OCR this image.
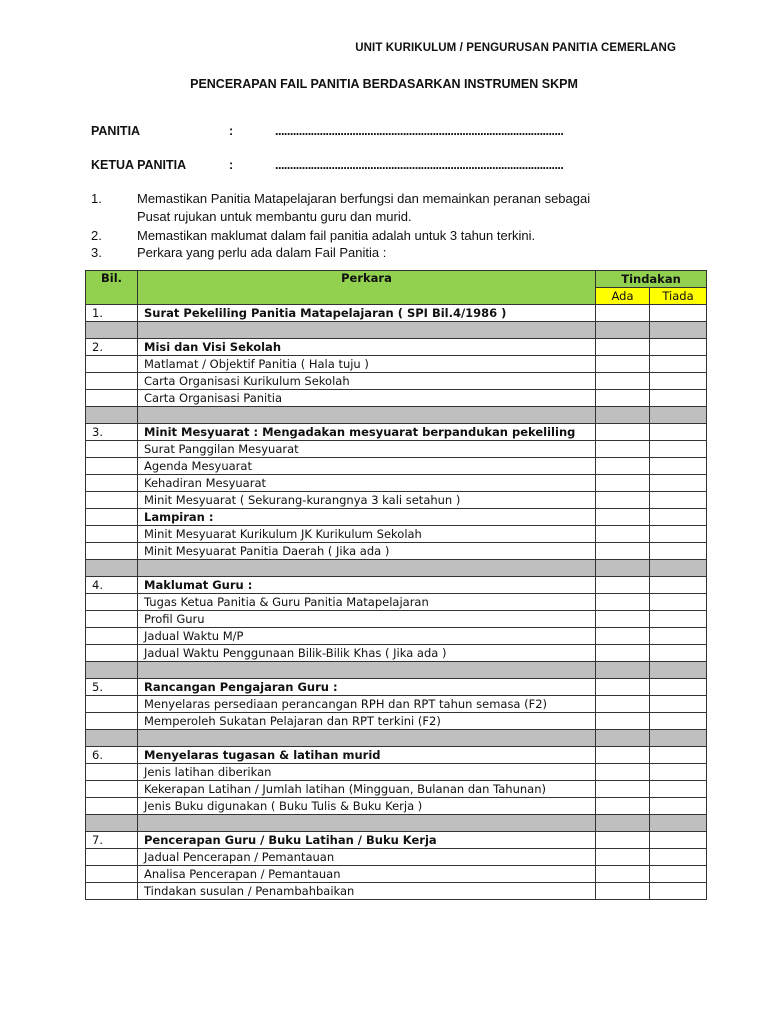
UNIT KURIKULUM / PENGURUSAN PANITIA CEMERLANG
PENCERAPAN FAIL PANITIA BERDASARKAN INSTRUMEN SKPM
PANITIA	:	.................................................................................................
KETUA PANITIA	:	.................................................................................................
1.	Memastikan Panitia Matapelajaran berfungsi dan memainkan peranan sebagai
Pusat rujukan untuk membantu guru dan murid.
2.	Memastikan maklumat dalam fail panitia adalah untuk 3 tahun terkini.
3.	Perkara yang perlu ada dalam Fail Panitia :
Bil.	Perkara	Tindakan	
		Ada	Tiada
1.	Surat Pekeliling Panitia Matapelajaran ( SPI Bil.4/1986 )		

2.	Misi dan Visi Sekolah		
	Matlamat / Objektif Panitia ( Hala tuju )		
	Carta Organisasi Kurikulum Sekolah		
	Carta Organisasi Panitia		

3.	Minit Mesyuarat : Mengadakan mesyuarat berpandukan pekeliling		
	Surat Panggilan Mesyuarat		
	Agenda Mesyuarat		
	Kehadiran Mesyuarat		
	Minit Mesyuarat ( Sekurang-kurangnya 3 kali setahun )		
	Lampiran :		
	Minit Mesyuarat Kurikulum JK Kurikulum Sekolah		
	Minit Mesyuarat Panitia Daerah ( Jika ada )		

4.	Maklumat Guru :		
	Tugas Ketua Panitia & Guru Panitia Matapelajaran		
	Profil Guru		
	Jadual Waktu M/P		
	Jadual Waktu Penggunaan Bilik-Bilik Khas ( Jika ada )		

5.	Rancangan Pengajaran Guru :		
	Menyelaras persediaan perancangan RPH dan RPT tahun semasa (F2)		
	Memperoleh Sukatan Pelajaran dan RPT terkini (F2)		

6.	Menyelaras tugasan & latihan murid		
	Jenis latihan diberikan		
	Kekerapan Latihan / Jumlah latihan (Mingguan, Bulanan dan Tahunan)		
	Jenis Buku digunakan ( Buku Tulis & Buku Kerja )		

7.	Pencerapan Guru / Buku Latihan / Buku Kerja		
	Jadual Pencerapan / Pemantauan		
	Analisa Pencerapan / Pemantauan		
	Tindakan susulan / Penambahbaikan		
